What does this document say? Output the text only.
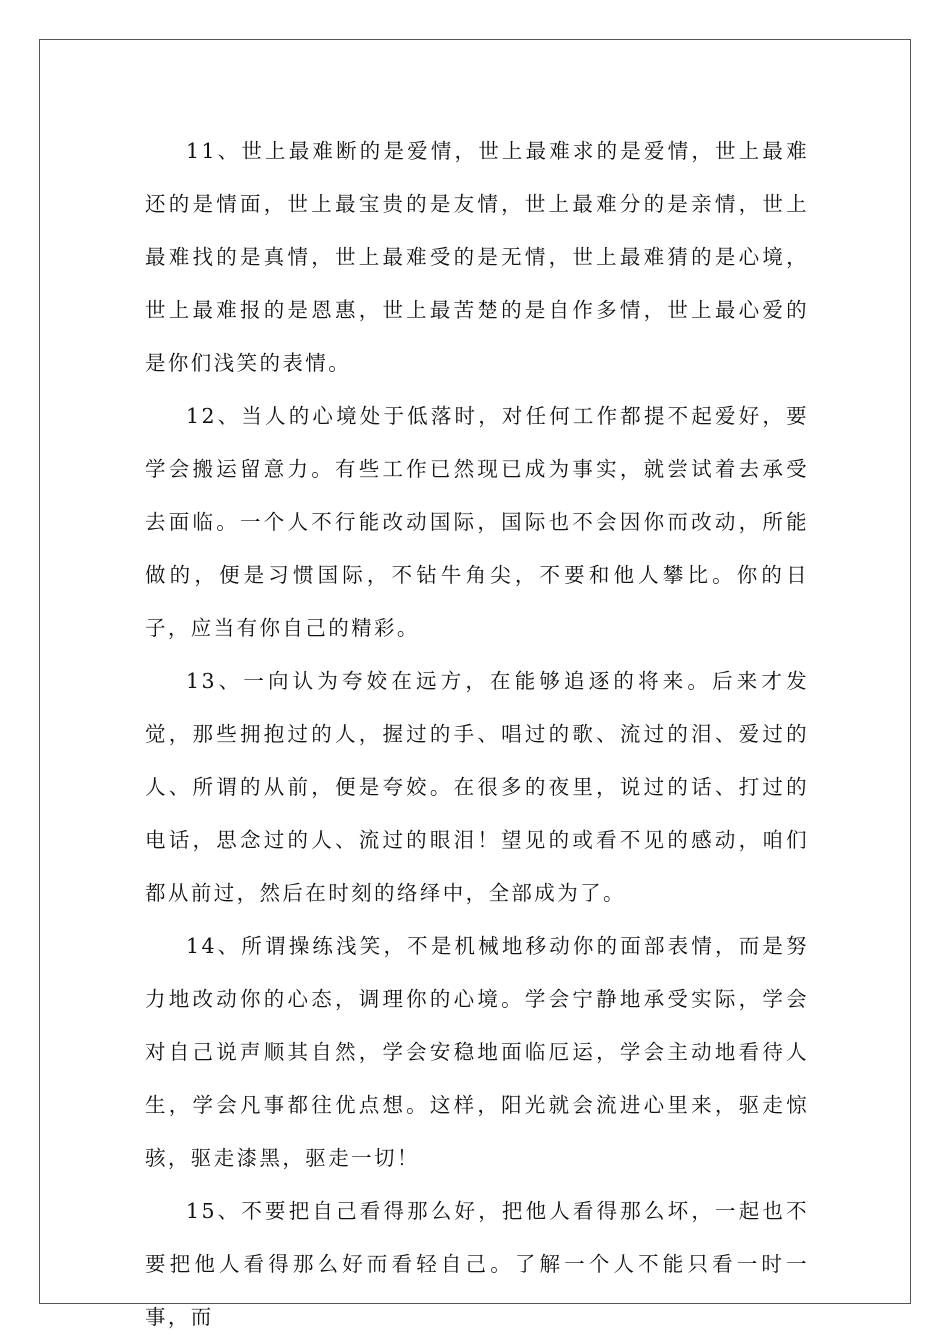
11、世上最难断的是爱情，世上最难求的是爱情，世上最难还的是情面，世上最宝贵的是友情，世上最难分的是亲情，世上最难找的是真情，世上最难受的是无情，世上最难猜的是心境，世上最难报的是恩惠，世上最苦楚的是自作多情，世上最心爱的是你们浅笑的表情。

12、当人的心境处于低落时，对任何工作都提不起爱好，要学会搬运留意力。有些工作已然现已成为事实，就尝试着去承受去面临。一个人不行能改动国际，国际也不会因你而改动，所能做的，便是习惯国际，不钻牛角尖，不要和他人攀比。你的日子，应当有你自己的精彩。

13、一向认为夸姣在远方，在能够追逐的将来。后来才发觉，那些拥抱过的人，握过的手、唱过的歌、流过的泪、爱过的人、所谓的从前，便是夸姣。在很多的夜里，说过的话、打过的电话，思念过的人、流过的眼泪！望见的或看不见的感动，咱们都从前过，然后在时刻的络绎中，全部成为了。

14、所谓操练浅笑，不是机械地移动你的面部表情，而是努力地改动你的心态，调理你的心境。学会宁静地承受实际，学会对自己说声顺其自然，学会安稳地面临厄运，学会主动地看待人生，学会凡事都往优点想。这样，阳光就会流进心里来，驱走惊骇，驱走漆黑，驱走一切！

15、不要把自己看得那么好，把他人看得那么坏，一起也不要把他人看得那么好而看轻自己。了解一个人不能只看一时一事，而
